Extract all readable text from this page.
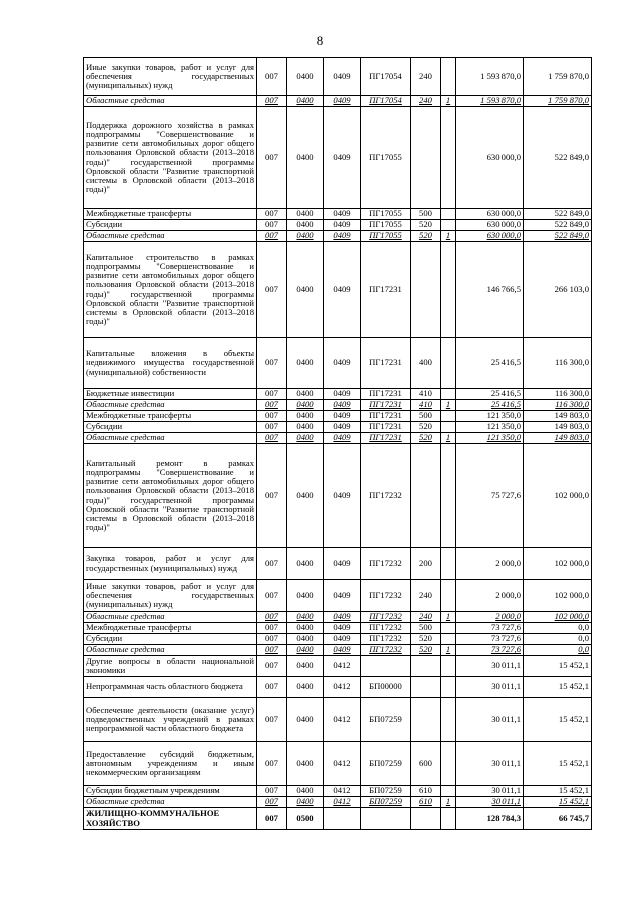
8
Иные закупки товаров, работ и услуг для обеспечения государственных (муниципальных) нужд	007	0400	0409	ПГ17054	240		1 593 870,0	1 759 870,0
Областные средства	007	0400	0409	ПГ17054	240	1	1 593 870,0	1 759 870,0
Поддержка дорожного хозяйства в рамках подпрограммы "Совершенствование и развитие сети автомобильных дорог общего пользования Орловской области (2013–2018 годы)" государственной программы Орловской области "Развитие транспортной системы в Орловской области (2013–2018 годы)"	007	0400	0409	ПГ17055			630 000,0	522 849,0
Межбюджетные трансферты	007	0400	0409	ПГ17055	500		630 000,0	522 849,0
Субсидии	007	0400	0409	ПГ17055	520		630 000,0	522 849,0
Областные средства	007	0400	0409	ПГ17055	520	1	630 000,0	522 849,0
Капитальное строительство в рамках подпрограммы "Совершенствование и развитие сети автомобильных дорог общего пользования Орловской области (2013–2018 годы)" государственной программы Орловской области "Развитие транспортной системы в Орловской области (2013–2018 годы)"	007	0400	0409	ПГ17231			146 766,5	266 103,0
Капитальные вложения в объекты недвижимого имущества государственной (муниципальной) собственности	007	0400	0409	ПГ17231	400		25 416,5	116 300,0
Бюджетные инвестиции	007	0400	0409	ПГ17231	410		25 416,5	116 300,0
Областные средства	007	0400	0409	ПГ17231	410	1	25 416,5	116 300,0
Межбюджетные трансферты	007	0400	0409	ПГ17231	500		121 350,0	149 803,0
Субсидии	007	0400	0409	ПГ17231	520		121 350,0	149 803,0
Областные средства	007	0400	0409	ПГ17231	520	1	121 350,0	149 803,0
Капитальный ремонт в рамках подпрограммы "Совершенствование и развитие сети автомобильных дорог общего пользования Орловской области (2013–2018 годы)" государственной программы Орловской области "Развитие транспортной системы в Орловской области (2013–2018 годы)"	007	0400	0409	ПГ17232			75 727,6	102 000,0
Закупка товаров, работ и услуг для государственных (муниципальных) нужд	007	0400	0409	ПГ17232	200		2 000,0	102 000,0
Иные закупки товаров, работ и услуг для обеспечения государственных (муниципальных) нужд	007	0400	0409	ПГ17232	240		2 000,0	102 000,0
Областные средства	007	0400	0409	ПГ17232	240	1	2 000,0	102 000,0
Межбюджетные трансферты	007	0400	0409	ПГ17232	500		73 727,6	0,0
Субсидии	007	0400	0409	ПГ17232	520		73 727,6	0,0
Областные средства	007	0400	0409	ПГ17232	520	1	73 727,6	0,0
Другие вопросы в области национальной экономики	007	0400	0412				30 011,1	15 452,1
Непрограммная часть областного бюджета	007	0400	0412	БП00000			30 011,1	15 452,1
Обеспечение деятельности (оказание услуг) подведомственных учреждений в рамках непрограммной части областного бюджета	007	0400	0412	БП07259			30 011,1	15 452,1
Предоставление субсидий бюджетным, автономным учреждениям и иным некоммерческим организациям	007	0400	0412	БП07259	600		30 011,1	15 452,1
Субсидии бюджетным учреждениям	007	0400	0412	БП07259	610		30 011,1	15 452,1
Областные средства	007	0400	0412	БП07259	610	1	30 011,1	15 452,1
ЖИЛИЩНО-КОММУНАЛЬНОЕ ХОЗЯЙСТВО	007	0500					128 784,3	66 745,7
